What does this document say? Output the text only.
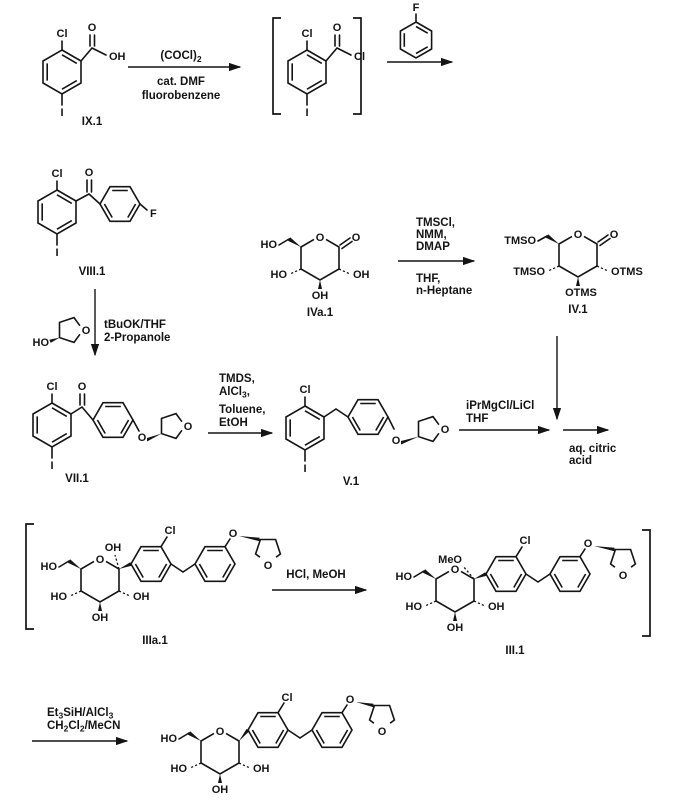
Cl O
OH
I
IX.1
$(COCl)_2$
cat. DMF
fluorobenzene
Cl O
Cl
I
F
Cl O
F
I
VIII.1
O O
HO
OH
OH
HO
IVa.1
TMSCl,
NMM,
DMAP
THF,
n-Heptane
O O
TMSO
OTMS
OTMS
TMSO
IV.1
O
HO
tBuOK/THF
2-Propanole
Cl O
I
O
O
VII.1
TMDS,
AlCl$_3$,
Toluene,
EtOH
Cl
I
O
O
V.1
iPrMgCl/LiCl
THF
aq. citric
acid
O
HO
OH
OH
OH
HO
Cl	O
O
IIIa.1
HCl, MeOH	O
HO
MeO
OH
OH
HO
Cl	O
O
III.1
$Et_3SiH/AlCl_3$
$CH_2Cl_2$/MeCN	O
HO
OH
OH
HO
Cl	O
O
